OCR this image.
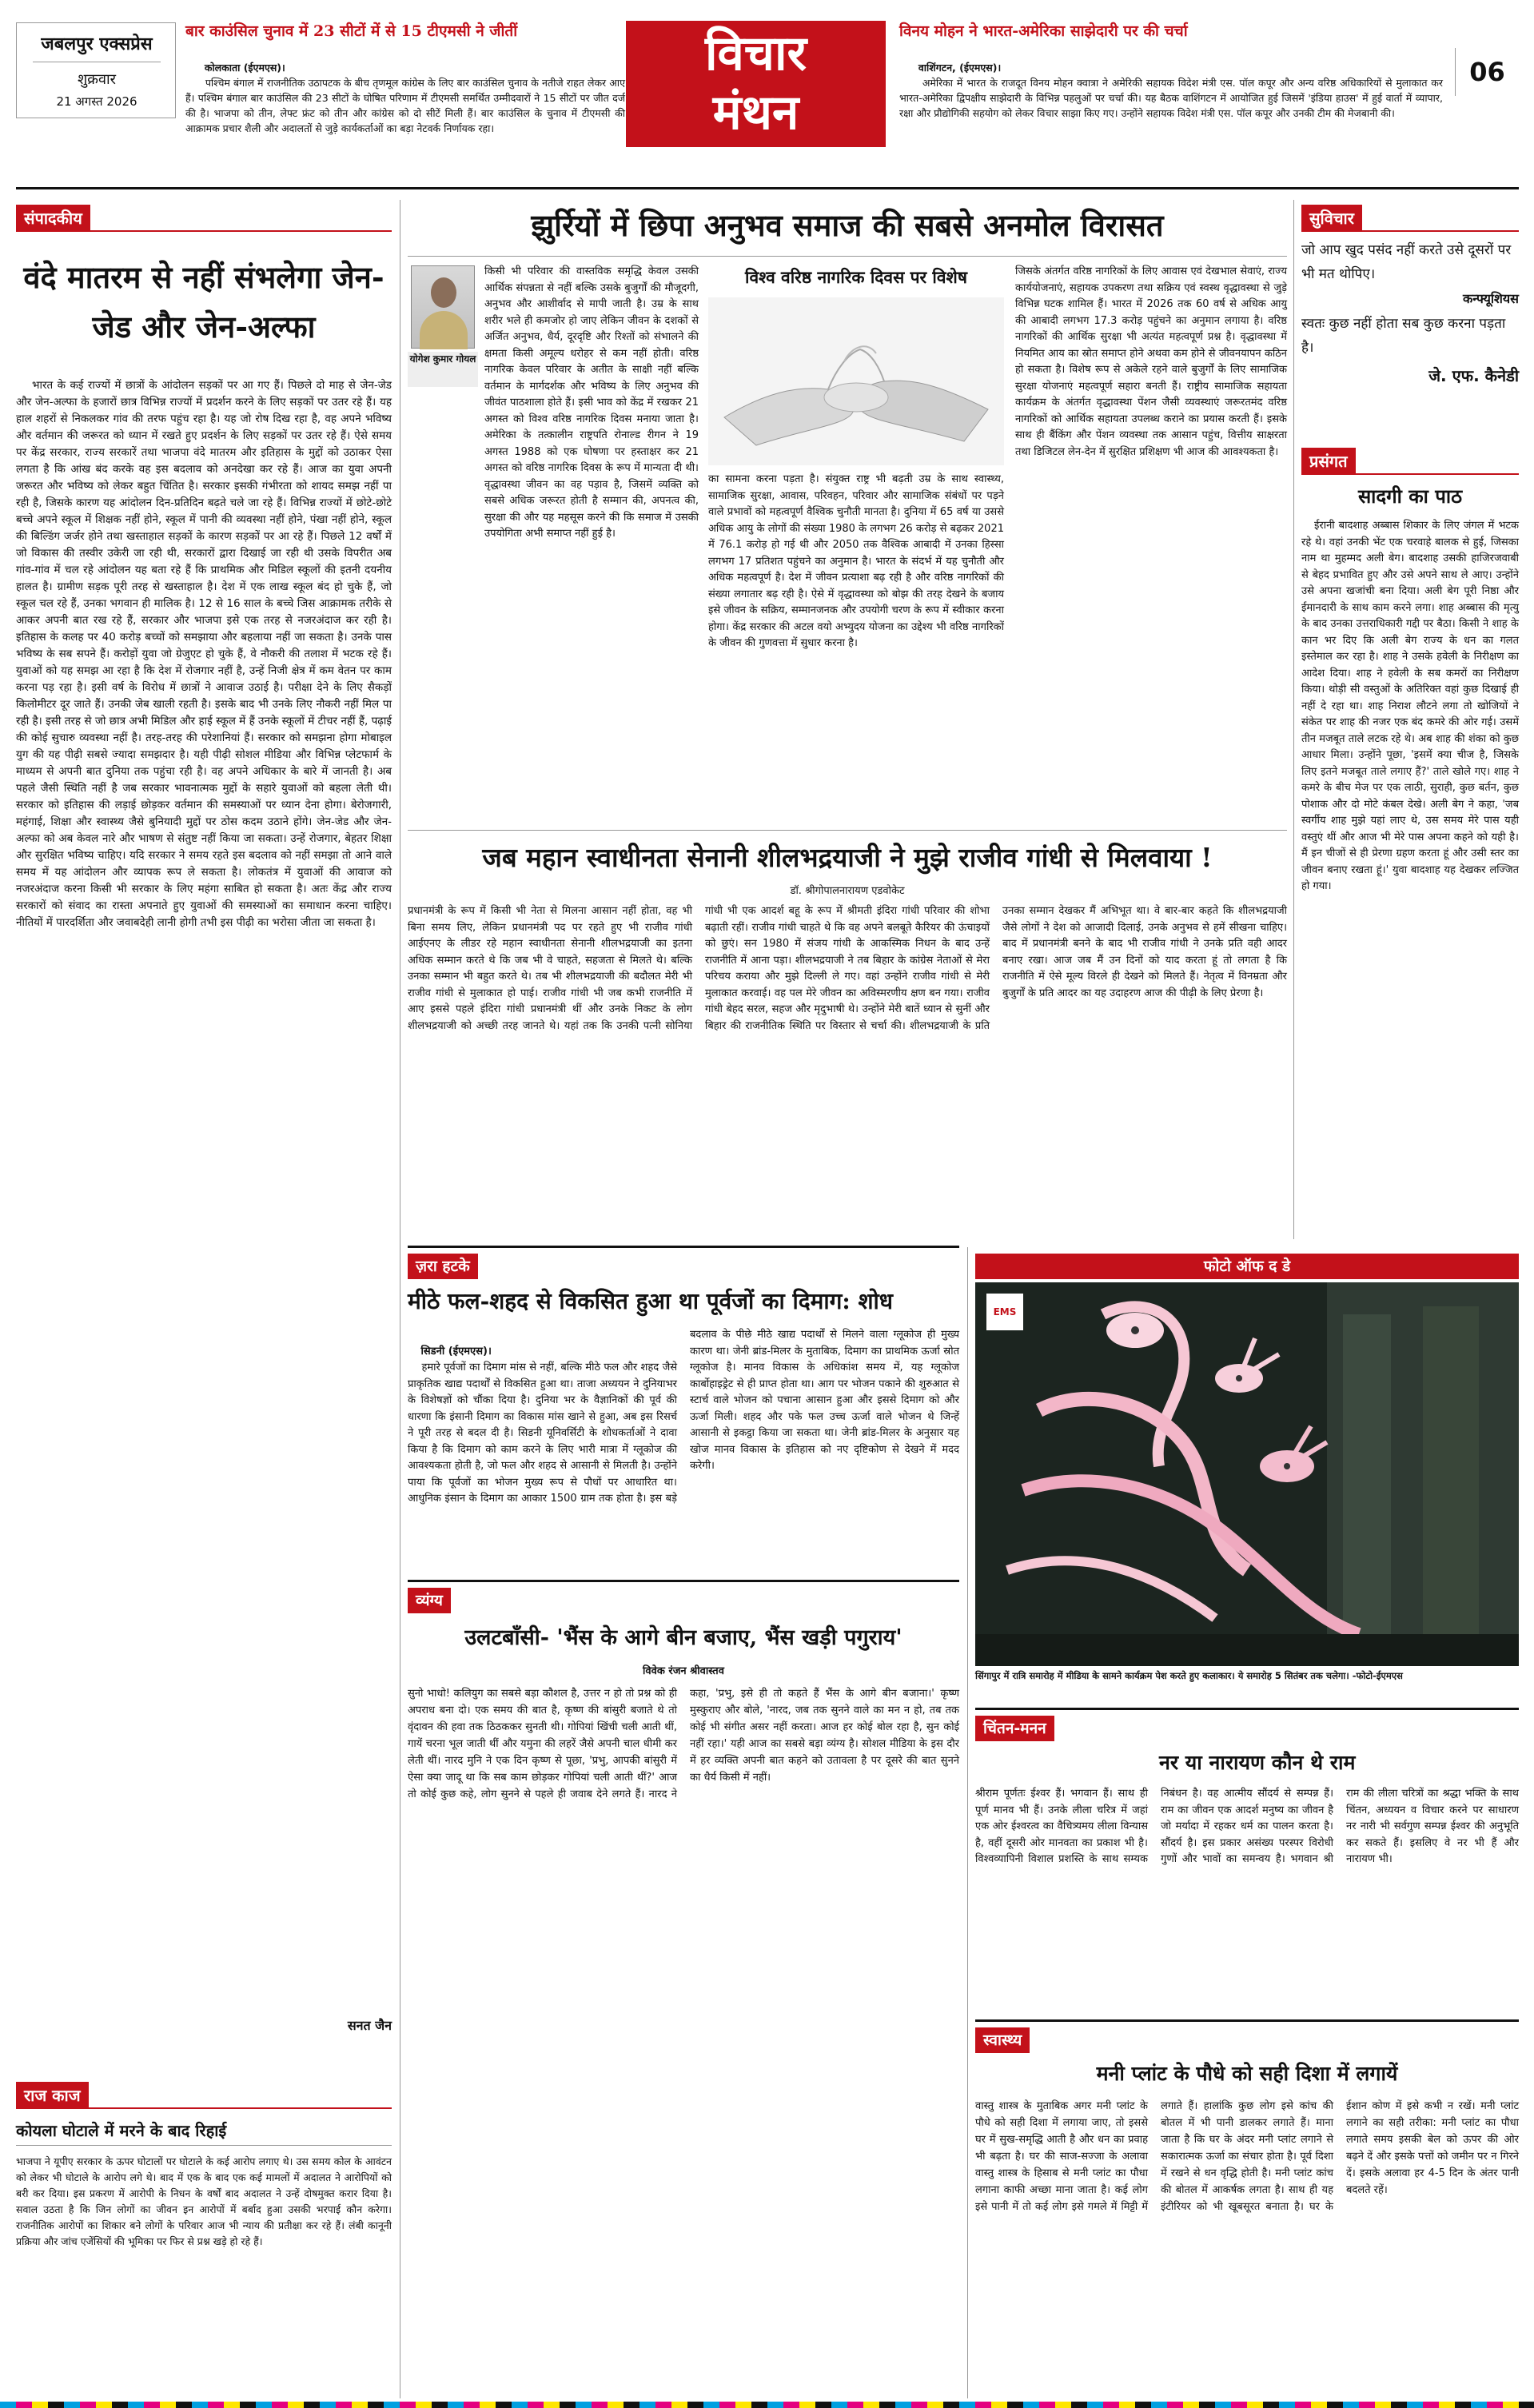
जबलपुर एक्सप्रेस
शुक्रवार
21 अगस्त 2026
बार काउंसिल चुनाव में 23 सीटों में से 15 टीएमसी ने जीतीं

कोलकाता (ईएमएस)।
पश्चिम बंगाल में राजनीतिक उठापटक के बीच तृणमूल कांग्रेस के लिए बार काउंसिल चुनाव के नतीजे राहत लेकर आए हैं। पश्चिम बंगाल बार काउंसिल की 23 सीटों के घोषित परिणाम में टीएमसी समर्थित उम्मीदवारों ने 15 सीटों पर जीत दर्ज की है। भाजपा को तीन, लेफ्ट फ्रंट को तीन और कांग्रेस को दो सीटें मिली हैं। बार काउंसिल के चुनाव में टीएमसी की आक्रामक प्रचार शैली और अदालतों से जुड़े कार्यकर्ताओं का बड़ा नेटवर्क निर्णायक रहा।

विचार
मंथन
विनय मोहन ने भारत-अमेरिका साझेदारी पर की चर्चा

वाशिंगटन, (ईएमएस)।
अमेरिका में भारत के राजदूत विनय मोहन क्वात्रा ने अमेरिकी सहायक विदेश मंत्री एस. पॉल कपूर और अन्य वरिष्ठ अधिकारियों से मुलाकात कर भारत-अमेरिका द्विपक्षीय साझेदारी के विभिन्न पहलुओं पर चर्चा की। यह बैठक वाशिंगटन में आयोजित हुई जिसमें 'इंडिया हाउस' में हुई वार्ता में व्यापार, रक्षा और प्रौद्योगिकी सहयोग को लेकर विचार साझा किए गए। उन्होंने सहायक विदेश मंत्री एस. पॉल कपूर और उनकी टीम की मेजबानी की।

06
संपादकीय
वंदे मातरम से नहीं संभलेगा जेन-जेड और जेन-अल्फा
भारत के कई राज्यों में छात्रों के आंदोलन सड़कों पर आ गए हैं। पिछले दो माह से जेन-जेड और जेन-अल्फा के हजारों छात्र विभिन्न राज्यों में प्रदर्शन करने के लिए सड़कों पर उतर रहे हैं। यह हाल शहरों से निकलकर गांव की तरफ पहुंच रहा है। यह जो रोष दिख रहा है, वह अपने भविष्य और वर्तमान की जरूरत को ध्यान में रखते हुए प्रदर्शन के लिए सड़कों पर उतर रहे हैं। ऐसे समय पर केंद्र सरकार, राज्य सरकारें तथा भाजपा वंदे मातरम और इतिहास के मुद्दों को उठाकर ऐसा लगता है कि आंख बंद करके वह इस बदलाव को अनदेखा कर रहे हैं। आज का युवा अपनी जरूरत और भविष्य को लेकर बहुत चिंतित है। सरकार इसकी गंभीरता को शायद समझ नहीं पा रही है, जिसके कारण यह आंदोलन दिन-प्रतिदिन बढ़ते चले जा रहे हैं। विभिन्न राज्यों में छोटे-छोटे बच्चे अपने स्कूल में शिक्षक नहीं होने, स्कूल में पानी की व्यवस्था नहीं होने, पंखा नहीं होने, स्कूल की बिल्डिंग जर्जर होने तथा खस्ताहाल सड़कों के कारण सड़कों पर आ रहे हैं। पिछले 12 वर्षों में जो विकास की तस्वीर उकेरी जा रही थी, सरकारों द्वारा दिखाई जा रही थी उसके विपरीत अब गांव-गांव में चल रहे आंदोलन यह बता रहे हैं कि प्राथमिक और मिडिल स्कूलों की इतनी दयनीय हालत है। ग्रामीण सड़क पूरी तरह से खस्ताहाल है। देश में एक लाख स्कूल बंद हो चुके हैं, जो स्कूल चल रहे हैं, उनका भगवान ही मालिक है। 12 से 16 साल के बच्चे जिस आक्रामक तरीके से आकर अपनी बात रख रहे हैं, सरकार और भाजपा इसे एक तरह से नजरअंदाज कर रही है। इतिहास के कलह पर 40 करोड़ बच्चों को समझाया और बहलाया नहीं जा सकता है। उनके पास भविष्य के सब सपने हैं। करोड़ों युवा जो ग्रेजुएट हो चुके हैं, वे नौकरी की तलाश में भटक रहे हैं। युवाओं को यह समझ आ रहा है कि देश में रोजगार नहीं है, उन्हें निजी क्षेत्र में कम वेतन पर काम करना पड़ रहा है। इसी वर्ष के विरोध में छात्रों ने आवाज उठाई है। परीक्षा देने के लिए सैकड़ों किलोमीटर दूर जाते हैं। उनकी जेब खाली रहती है। इसके बाद भी उनके लिए नौकरी नहीं मिल पा रही है। इसी तरह से जो छात्र अभी मिडिल और हाई स्कूल में हैं उनके स्कूलों में टीचर नहीं हैं, पढ़ाई की कोई सुचारु व्यवस्था नहीं है। तरह-तरह की परेशानियां हैं। सरकार को समझना होगा मोबाइल युग की यह पीढ़ी सबसे ज्यादा समझदार है। यही पीढ़ी सोशल मीडिया और विभिन्न प्लेटफार्म के माध्यम से अपनी बात दुनिया तक पहुंचा रही है। वह अपने अधिकार के बारे में जानती है। अब पहले जैसी स्थिति नहीं है जब सरकार भावनात्मक मुद्दों के सहारे युवाओं को बहला लेती थी। सरकार को इतिहास की लड़ाई छोड़कर वर्तमान की समस्याओं पर ध्यान देना होगा। बेरोजगारी, महंगाई, शिक्षा और स्वास्थ्य जैसे बुनियादी मुद्दों पर ठोस कदम उठाने होंगे। जेन-जेड और जेन-अल्फा को अब केवल नारे और भाषण से संतुष्ट नहीं किया जा सकता। उन्हें रोजगार, बेहतर शिक्षा और सुरक्षित भविष्य चाहिए। यदि सरकार ने समय रहते इस बदलाव को नहीं समझा तो आने वाले समय में यह आंदोलन और व्यापक रूप ले सकता है। लोकतंत्र में युवाओं की आवाज को नजरअंदाज करना किसी भी सरकार के लिए महंगा साबित हो सकता है। अतः केंद्र और राज्य सरकारों को संवाद का रास्ता अपनाते हुए युवाओं की समस्याओं का समाधान करना चाहिए। नीतियों में पारदर्शिता और जवाबदेही लानी होगी तभी इस पीढ़ी का भरोसा जीता जा सकता है।
सनत जैन
राज काज
कोयला घोटाले में मरने के बाद रिहाई
भाजपा ने यूपीए सरकार के ऊपर घोटालों पर घोटाले के कई आरोप लगाए थे। उस समय कोल के आवंटन को लेकर भी घोटाले के आरोप लगे थे। बाद में एक के बाद एक कई मामलों में अदालत ने आरोपियों को बरी कर दिया। इस प्रकरण में आरोपी के निधन के वर्षों बाद अदालत ने उन्हें दोषमुक्त करार दिया है। सवाल उठता है कि जिन लोगों का जीवन इन आरोपों में बर्बाद हुआ उसकी भरपाई कौन करेगा। राजनीतिक आरोपों का शिकार बने लोगों के परिवार आज भी न्याय की प्रतीक्षा कर रहे हैं। लंबी कानूनी प्रक्रिया और जांच एजेंसियों की भूमिका पर फिर से प्रश्न खड़े हो रहे हैं।
झुर्रियों में छिपा अनुभव समाज की सबसे अनमोल विरासत
योगेश कुमार गोयल
किसी भी परिवार की वास्तविक समृद्धि केवल उसकी आर्थिक संपन्नता से नहीं बल्कि उसके बुजुर्गों की मौजूदगी, अनुभव और आशीर्वाद से मापी जाती है। उम्र के साथ शरीर भले ही कमजोर हो जाए लेकिन जीवन के दशकों से अर्जित अनुभव, धैर्य, दूरदृष्टि और रिश्तों को संभालने की क्षमता किसी अमूल्य धरोहर से कम नहीं होती। वरिष्ठ नागरिक केवल परिवार के अतीत के साक्षी नहीं बल्कि वर्तमान के मार्गदर्शक और भविष्य के लिए अनुभव की जीवंत पाठशाला होते हैं। इसी भाव को केंद्र में रखकर 21 अगस्त को विश्व वरिष्ठ नागरिक दिवस मनाया जाता है। अमेरिका के तत्कालीन राष्ट्रपति रोनाल्ड रीगन ने 19 अगस्त 1988 को एक घोषणा पर हस्ताक्षर कर 21 अगस्त को वरिष्ठ नागरिक दिवस के रूप में मान्यता दी थी। वृद्धावस्था जीवन का वह पड़ाव है, जिसमें व्यक्ति को सबसे अधिक जरूरत होती है सम्मान की, अपनत्व की, सुरक्षा की और यह महसूस करने की कि समाज में उसकी उपयोगिता अभी समाप्त नहीं हुई है।
विश्व वरिष्ठ नागरिक दिवस पर विशेष
का सामना करना पड़ता है। संयुक्त राष्ट्र भी बढ़ती उम्र के साथ स्वास्थ्य, सामाजिक सुरक्षा, आवास, परिवहन, परिवार और सामाजिक संबंधों पर पड़ने वाले प्रभावों को महत्वपूर्ण वैश्विक चुनौती मानता है। दुनिया में 65 वर्ष या उससे अधिक आयु के लोगों की संख्या 1980 के लगभग 26 करोड़ से बढ़कर 2021 में 76.1 करोड़ हो गई थी और 2050 तक वैश्विक आबादी में उनका हिस्सा लगभग 17 प्रतिशत पहुंचने का अनुमान है। भारत के संदर्भ में यह चुनौती और अधिक महत्वपूर्ण है। देश में जीवन प्रत्याशा बढ़ रही है और वरिष्ठ नागरिकों की संख्या लगातार बढ़ रही है। ऐसे में वृद्धावस्था को बोझ की तरह देखने के बजाय इसे जीवन के सक्रिय, सम्मानजनक और उपयोगी चरण के रूप में स्वीकार करना होगा। केंद्र सरकार की अटल वयो अभ्युदय योजना का उद्देश्य भी वरिष्ठ नागरिकों के जीवन की गुणवत्ता में सुधार करना है।
जिसके अंतर्गत वरिष्ठ नागरिकों के लिए आवास एवं देखभाल सेवाएं, राज्य कार्ययोजनाएं, सहायक उपकरण तथा सक्रिय एवं स्वस्थ वृद्धावस्था से जुड़े विभिन्न घटक शामिल हैं। भारत में 2026 तक 60 वर्ष से अधिक आयु की आबादी लगभग 17.3 करोड़ पहुंचने का अनुमान लगाया है। वरिष्ठ नागरिकों की आर्थिक सुरक्षा भी अत्यंत महत्वपूर्ण प्रश्न है। वृद्धावस्था में नियमित आय का स्रोत समाप्त होने अथवा कम होने से जीवनयापन कठिन हो सकता है। विशेष रूप से अकेले रहने वाले बुजुर्गों के लिए सामाजिक सुरक्षा योजनाएं महत्वपूर्ण सहारा बनती हैं। राष्ट्रीय सामाजिक सहायता कार्यक्रम के अंतर्गत वृद्धावस्था पेंशन जैसी व्यवस्थाएं जरूरतमंद वरिष्ठ नागरिकों को आर्थिक सहायता उपलब्ध कराने का प्रयास करती हैं। इसके साथ ही बैंकिंग और पेंशन व्यवस्था तक आसान पहुंच, वित्तीय साक्षरता तथा डिजिटल लेन-देन में सुरक्षित प्रशिक्षण भी आज की आवश्यकता है।
जब महान स्वाधीनता सेनानी शीलभद्रयाजी ने मुझे राजीव गांधी से मिलवाया !
डॉ. श्रीगोपालनारायण एडवोकेट
प्रधानमंत्री के रूप में किसी भी नेता से मिलना आसान नहीं होता, वह भी बिना समय लिए, लेकिन प्रधानमंत्री पद पर रहते हुए भी राजीव गांधी आईएनए के लीडर रहे महान स्वाधीनता सेनानी शीलभद्रयाजी का इतना अधिक सम्मान करते थे कि जब भी वे चाहते, सहजता से मिलते थे। बल्कि उनका सम्मान भी बहुत करते थे। तब भी शीलभद्रयाजी की बदौलत मेरी भी राजीव गांधी से मुलाकात हो पाई। राजीव गांधी भी जब कभी राजनीति में आए इससे पहले इंदिरा गांधी प्रधानमंत्री थीं और उनके निकट के लोग शीलभद्रयाजी को अच्छी तरह जानते थे। यहां तक कि उनकी पत्नी सोनिया गांधी भी एक आदर्श बहू के रूप में श्रीमती इंदिरा गांधी परिवार की शोभा बढ़ाती रहीं। राजीव गांधी चाहते थे कि वह अपने बलबूते कैरियर की ऊंचाइयों को छुएं। सन 1980 में संजय गांधी के आकस्मिक निधन के बाद उन्हें राजनीति में आना पड़ा। शीलभद्रयाजी ने तब बिहार के कांग्रेस नेताओं से मेरा परिचय कराया और मुझे दिल्ली ले गए। वहां उन्होंने राजीव गांधी से मेरी मुलाकात करवाई। वह पल मेरे जीवन का अविस्मरणीय क्षण बन गया। राजीव गांधी बेहद सरल, सहज और मृदुभाषी थे। उन्होंने मेरी बातें ध्यान से सुनीं और बिहार की राजनीतिक स्थिति पर विस्तार से चर्चा की। शीलभद्रयाजी के प्रति उनका सम्मान देखकर मैं अभिभूत था। वे बार-बार कहते कि शीलभद्रयाजी जैसे लोगों ने देश को आजादी दिलाई, उनके अनुभव से हमें सीखना चाहिए। बाद में प्रधानमंत्री बनने के बाद भी राजीव गांधी ने उनके प्रति वही आदर बनाए रखा। आज जब मैं उन दिनों को याद करता हूं तो लगता है कि राजनीति में ऐसे मूल्य विरले ही देखने को मिलते हैं। नेतृत्व में विनम्रता और बुजुर्गों के प्रति आदर का यह उदाहरण आज की पीढ़ी के लिए प्रेरणा है।
ज़रा हटके
मीठे फल-शहद से विकसित हुआ था पूर्वजों का दिमाग: शोध

सिडनी (ईएमएस)।
हमारे पूर्वजों का दिमाग मांस से नहीं, बल्कि मीठे फल और शहद जैसे प्राकृतिक खाद्य पदार्थों से विकसित हुआ था। ताजा अध्ययन ने दुनियाभर के विशेषज्ञों को चौंका दिया है। दुनिया भर के वैज्ञानिकों की पूर्व की धारणा कि इंसानी दिमाग का विकास मांस खाने से हुआ, अब इस रिसर्च ने पूरी तरह से बदल दी है। सिडनी यूनिवर्सिटी के शोधकर्ताओं ने दावा किया है कि दिमाग को काम करने के लिए भारी मात्रा में ग्लूकोज की आवश्यकता होती है, जो फल और शहद से आसानी से मिलती है। उन्होंने पाया कि पूर्वजों का भोजन मुख्य रूप से पौधों पर आधारित था। आधुनिक इंसान के दिमाग का आकार 1500 ग्राम तक होता है। इस बड़े बदलाव के पीछे मीठे खाद्य पदार्थों से मिलने वाला ग्लूकोज ही मुख्य कारण था। जेनी ब्रांड-मिलर के मुताबिक, दिमाग का प्राथमिक ऊर्जा स्रोत ग्लूकोज है। मानव विकास के अधिकांश समय में, यह ग्लूकोज कार्बोहाइड्रेट से ही प्राप्त होता था। आग पर भोजन पकाने की शुरुआत से स्टार्च वाले भोजन को पचाना आसान हुआ और इससे दिमाग को और ऊर्जा मिली। शहद और पके फल उच्च ऊर्जा वाले भोजन थे जिन्हें आसानी से इकट्ठा किया जा सकता था। जेनी ब्रांड-मिलर के अनुसार यह खोज मानव विकास के इतिहास को नए दृष्टिकोण से देखने में मदद करेगी।

व्यंग्य
उलटबाँसी- 'भैंस के आगे बीन बजाए, भैंस खड़ी पगुराय'
विवेक रंजन श्रीवास्तव
सुनो भाधो! कलियुग का सबसे बड़ा कौशल है, उत्तर न हो तो प्रश्न को ही अपराध बना दो। एक समय की बात है, कृष्ण की बांसुरी बजाते थे तो वृंदावन की हवा तक ठिठककर सुनती थी। गोपियां खिंची चली आती थीं, गायें चरना भूल जाती थीं और यमुना की लहरें जैसे अपनी चाल धीमी कर लेती थीं। नारद मुनि ने एक दिन कृष्ण से पूछा, 'प्रभु, आपकी बांसुरी में ऐसा क्या जादू था कि सब काम छोड़कर गोपियां चली आती थीं?' आज तो कोई कुछ कहे, लोग सुनने से पहले ही जवाब देने लगते हैं। नारद ने कहा, 'प्रभु, इसे ही तो कहते हैं भैंस के आगे बीन बजाना।' कृष्ण मुस्कुराए और बोले, 'नारद, जब तक सुनने वाले का मन न हो, तब तक कोई भी संगीत असर नहीं करता। आज हर कोई बोल रहा है, सुन कोई नहीं रहा।' यही आज का सबसे बड़ा व्यंग्य है। सोशल मीडिया के इस दौर में हर व्यक्ति अपनी बात कहने को उतावला है पर दूसरे की बात सुनने का धैर्य किसी में नहीं।
फोटो ऑफ द डे
EMS
सिंगापुर में रात्रि समारोह में मीडिया के सामने कार्यक्रम पेश करते हुए कलाकार। ये समारोह 5 सितंबर तक चलेगा। -फोटो-ईएमएस
चिंतन-मनन
नर या नारायण कौन थे राम
श्रीराम पूर्णतः ईश्वर हैं। भगवान हैं। साथ ही पूर्ण मानव भी हैं। उनके लीला चरित्र में जहां एक ओर ईश्वरत्व का वैचित्र्यमय लीला विन्यास है, वहीं दूसरी ओर मानवता का प्रकाश भी है। विश्वव्यापिनी विशाल प्रशस्ति के साथ सम्यक निबंधन है। वह आत्मीय सौंदर्य से सम्पन्न हैं। राम का जीवन एक आदर्श मनुष्य का जीवन है जो मर्यादा में रहकर धर्म का पालन करता है। सौंदर्य है। इस प्रकार असंख्य परस्पर विरोधी गुणों और भावों का समन्वय है। भगवान श्री राम की लीला चरित्रों का श्रद्धा भक्ति के साथ चिंतन, अध्ययन व विचार करने पर साधारण नर नारी भी सर्वगुण सम्पन्न ईश्वर की अनुभूति कर सकते हैं। इसलिए वे नर भी हैं और नारायण भी।
स्वास्थ्य
मनी प्लांट के पौधे को सही दिशा में लगायें
वास्तु शास्त्र के मुताबिक अगर मनी प्लांट के पौधे को सही दिशा में लगाया जाए, तो इससे घर में सुख-समृद्धि आती है और धन का प्रवाह भी बढ़ता है। घर की साज-सज्जा के अलावा वास्तु शास्त्र के हिसाब से मनी प्लांट का पौधा लगाना काफी अच्छा माना जाता है। कई लोग इसे पानी में तो कई लोग इसे गमले में मिट्टी में लगाते हैं। हालांकि कुछ लोग इसे कांच की बोतल में भी पानी डालकर लगाते हैं। माना जाता है कि घर के अंदर मनी प्लांट लगाने से सकारात्मक ऊर्जा का संचार होता है। पूर्व दिशा में रखने से धन वृद्धि होती है। मनी प्लांट कांच की बोतल में आकर्षक लगता है। साथ ही यह इंटीरियर को भी खूबसूरत बनाता है। घर के ईशान कोण में इसे कभी न रखें। मनी प्लांट लगाने का सही तरीका: मनी प्लांट का पौधा लगाते समय इसकी बेल को ऊपर की ओर बढ़ने दें और इसके पत्तों को जमीन पर न गिरने दें। इसके अलावा हर 4-5 दिन के अंतर पानी बदलते रहें।
सुविचार
जो आप खुद पसंद नहीं करते उसे दूसरों पर भी मत थोपिए।
कन्फ्यूशियस
स्वतः कुछ नहीं होता सब कुछ करना पड़ता है।
जे. एफ. कैनेडी
प्रसंगत
सादगी का पाठ
ईरानी बादशाह अब्बास शिकार के लिए जंगल में भटक रहे थे। वहां उनकी भेंट एक चरवाहे बालक से हुई, जिसका नाम था मुहम्मद अली बेग। बादशाह उसकी हाजिरजवाबी से बेहद प्रभावित हुए और उसे अपने साथ ले आए। उन्होंने उसे अपना खजांची बना दिया। अली बेग पूरी निष्ठा और ईमानदारी के साथ काम करने लगा। शाह अब्बास की मृत्यु के बाद उनका उत्तराधिकारी गद्दी पर बैठा। किसी ने शाह के कान भर दिए कि अली बेग राज्य के धन का गलत इस्तेमाल कर रहा है। शाह ने उसके हवेली के निरीक्षण का आदेश दिया। शाह ने हवेली के सब कमरों का निरीक्षण किया। थोड़ी सी वस्तुओं के अतिरिक्त वहां कुछ दिखाई ही नहीं दे रहा था। शाह निराश लौटने लगा तो खोजियों ने संकेत पर शाह की नजर एक बंद कमरे की ओर गई। उसमें तीन मजबूत ताले लटक रहे थे। अब शाह की शंका को कुछ आधार मिला। उन्होंने पूछा, 'इसमें क्या चीज है, जिसके लिए इतने मजबूत ताले लगाए हैं?' ताले खोले गए। शाह ने कमरे के बीच मेज पर एक लाठी, सुराही, कुछ बर्तन, कुछ पोशाक और दो मोटे कंबल देखे। अली बेग ने कहा, 'जब स्वर्गीय शाह मुझे यहां लाए थे, उस समय मेरे पास यही वस्तुएं थीं और आज भी मेरे पास अपना कहने को यही है। मैं इन चीजों से ही प्रेरणा ग्रहण करता हूं और उसी स्तर का जीवन बनाए रखता हूं।' युवा बादशाह यह देखकर लज्जित हो गया।
